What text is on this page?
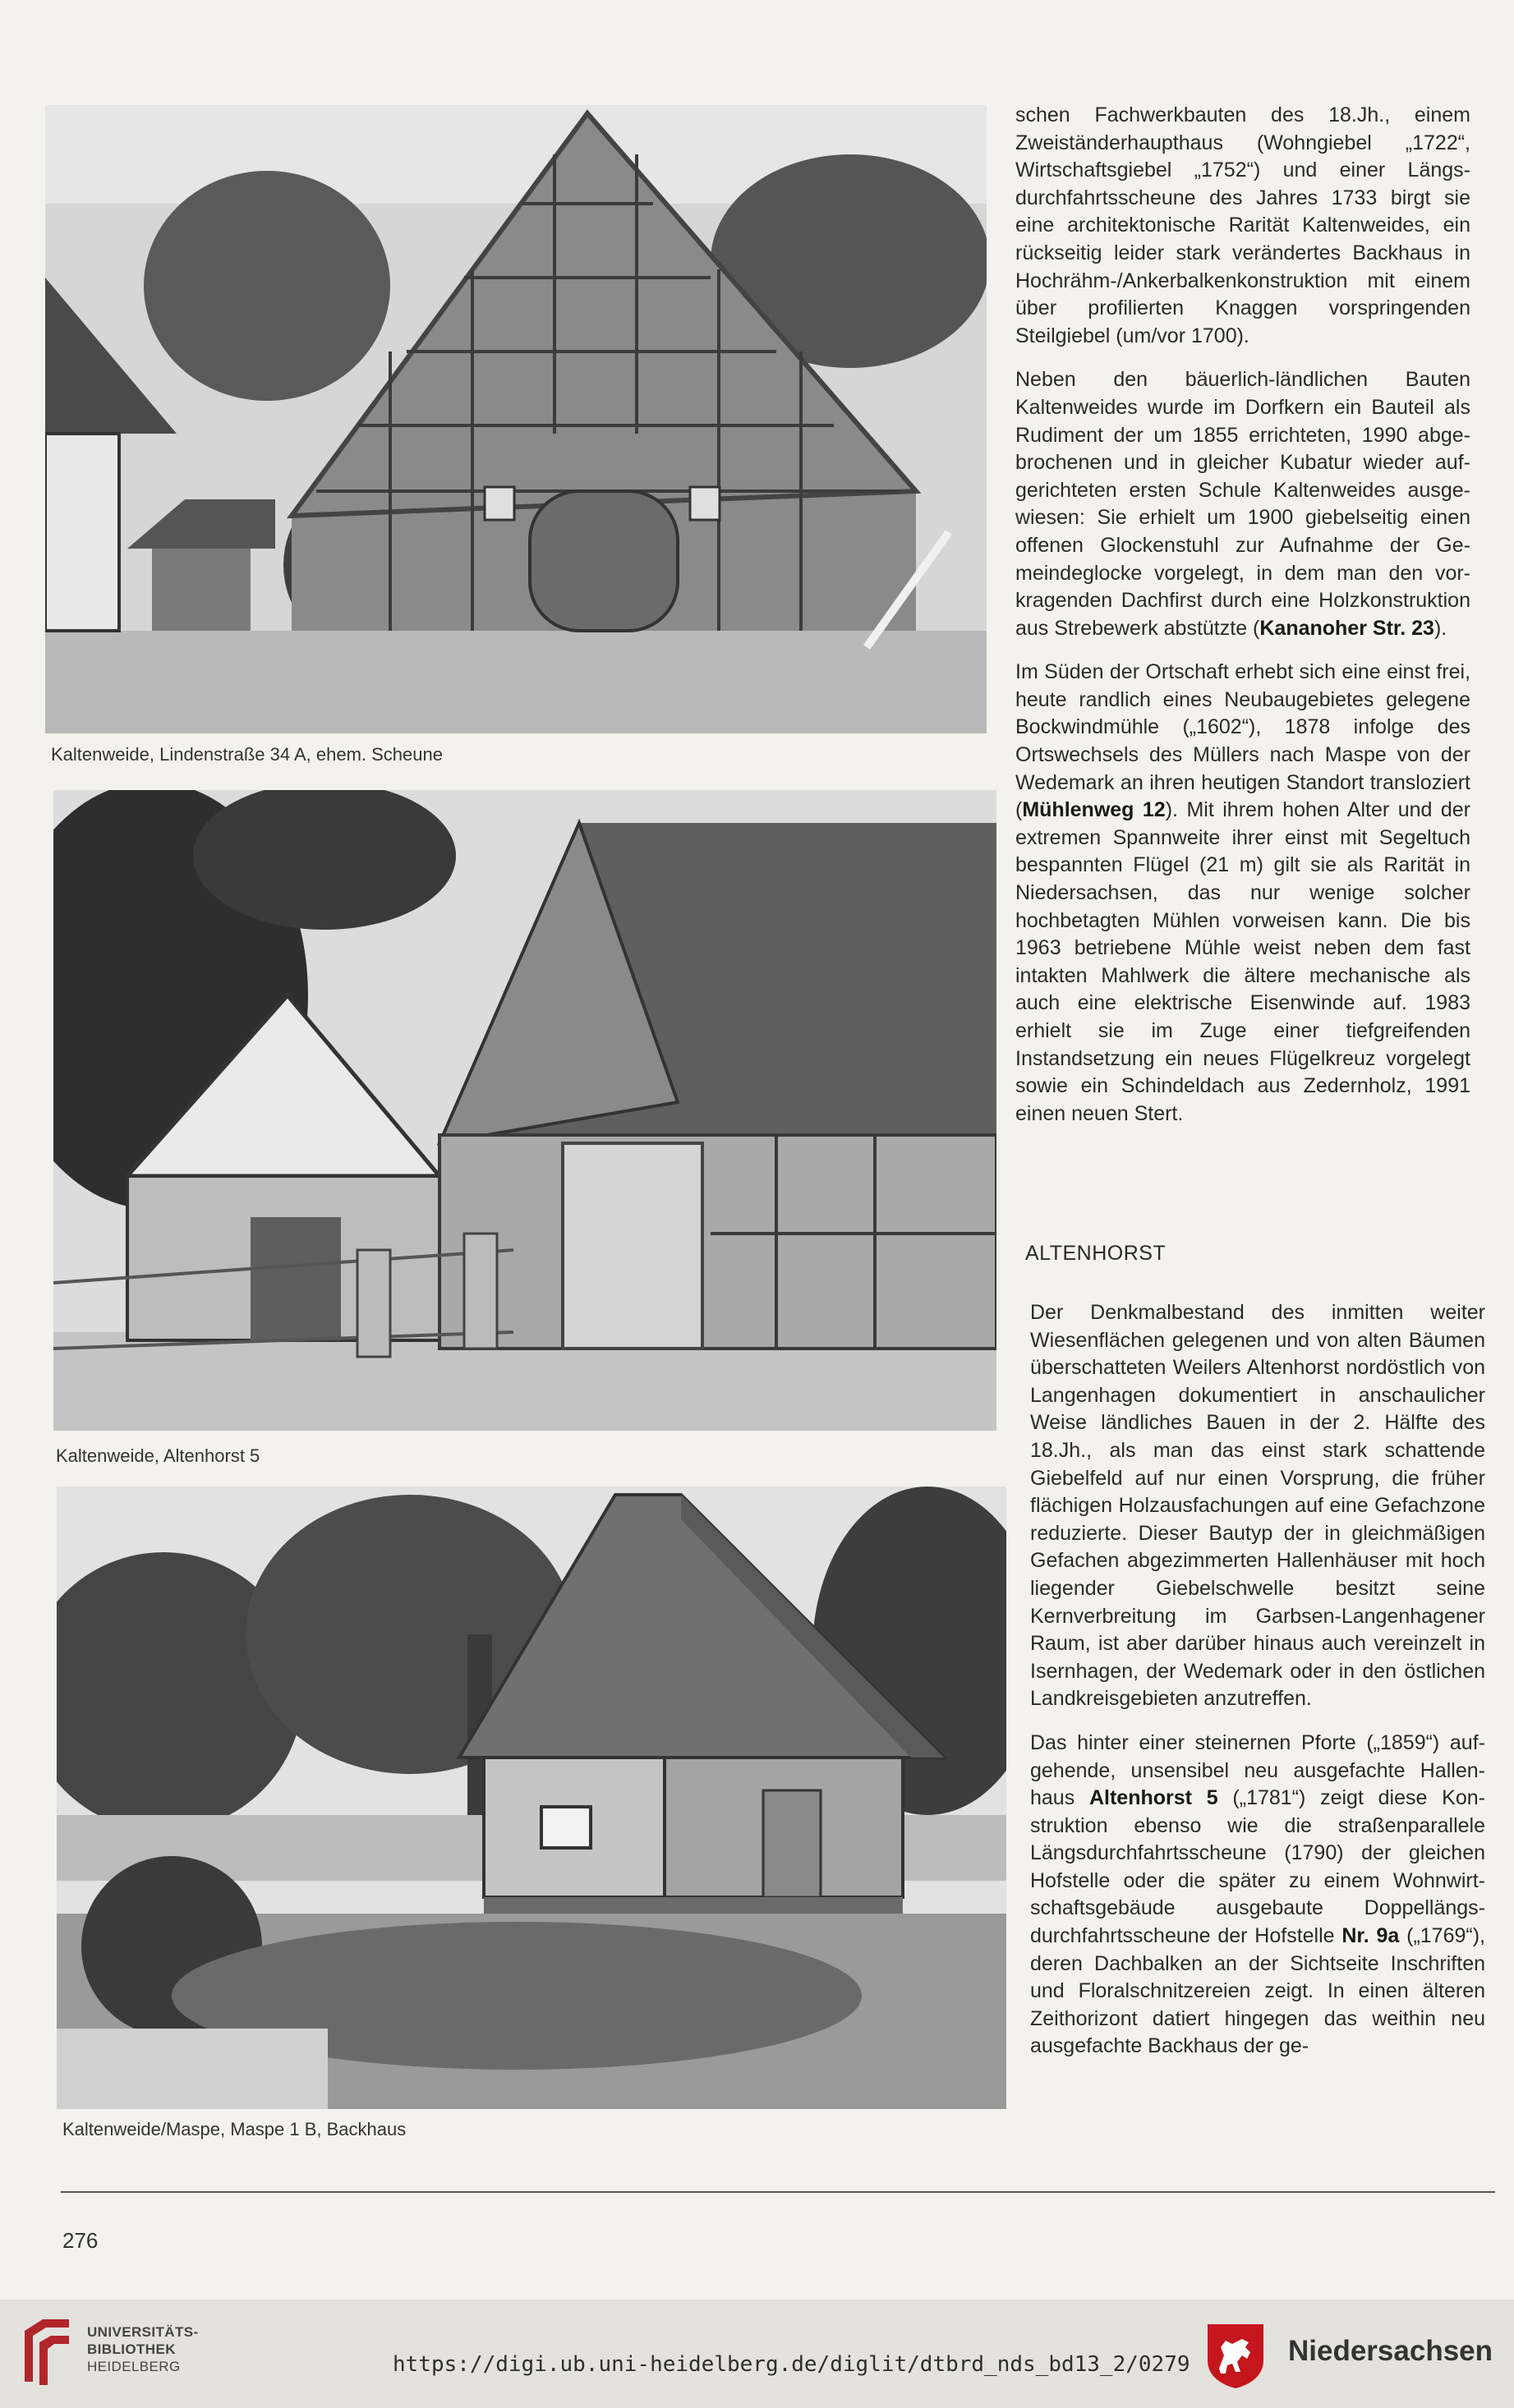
Kaltenweide, Lindenstraße 34 A, ehem. Scheune
Kaltenweide, Altenhorst 5
Kaltenweide/Maspe, Maspe 1 B, Backhaus

schen Fachwerkbauten des 18.Jh., einem Zweiständerhaupthaus (Wohngiebel „1722“, Wirtschaftsgiebel „1752“) und einer Längsdurchfahrtsscheune des Jahres 1733 birgt sie eine architektonische Rarität Kaltenweides, ein rückseitig leider stark verändertes Backhaus in Hochrähm-/Ankerbalkenkonstruktion mit einem über profilierten Knaggen vorspringenden Steilgiebel (um/vor 1700).

Neben den bäuerlich-ländlichen Bauten Kaltenweides wurde im Dorfkern ein Bauteil als Rudiment der um 1855 errichteten, 1990 abgebrochenen und in gleicher Kubatur wieder aufgerichteten ersten Schule Kaltenweides ausgewiesen: Sie erhielt um 1900 giebelseitig einen offenen Glockenstuhl zur Aufnahme der Gemeindeglocke vorgelegt, in dem man den vorkragenden Dachfirst durch eine Holzkonstruktion aus Strebewerk abstützte (Kananoher Str. 23).

Im Süden der Ortschaft erhebt sich eine einst frei, heute randlich eines Neubaugebietes gelegene Bockwindmühle („1602“), 1878 infolge des Ortswechsels des Müllers nach Maspe von der Wedemark an ihren heutigen Standort transloziert (Mühlenweg 12). Mit ihrem hohen Alter und der extremen Spannweite ihrer einst mit Segeltuch bespannten Flügel (21 m) gilt sie als Rarität in Niedersachsen, das nur wenige solcher hochbetagten Mühlen vorweisen kann. Die bis 1963 betriebene Mühle weist neben dem fast intakten Mahlwerk die ältere mechanische als auch eine elektrische Eisenwinde auf. 1983 erhielt sie im Zuge einer tiefgreifenden Instandsetzung ein neues Flügelkreuz vorgelegt sowie ein Schindeldach aus Zedernholz, 1991 einen neuen Stert.

ALTENHORST

Der Denkmalbestand des inmitten weiter Wiesenflächen gelegenen und von alten Bäumen überschatteten Weilers Altenhorst nordöstlich von Langenhagen dokumentiert in anschaulicher Weise ländliches Bauen in der 2. Hälfte des 18.Jh., als man das einst stark schattende Giebelfeld auf nur einen Vorsprung, die früher flächigen Holzausfachungen auf eine Gefachzone reduzierte. Dieser Bautyp der in gleichmäßigen Gefachen abgezimmerten Hallenhäuser mit hoch liegender Giebelschwelle besitzt seine Kernverbreitung im Garbsen-Langenhagener Raum, ist aber darüber hinaus auch vereinzelt in Isernhagen, der Wedemark oder in den östlichen Landkreisgebieten anzutreffen.

Das hinter einer steinernen Pforte („1859“) aufgehende, unsensibel neu ausgefachte Hallenhaus Altenhorst 5 („1781“) zeigt diese Konstruktion ebenso wie die straßenparallele Längsdurchfahrtsscheune (1790) der gleichen Hofstelle oder die später zu einem Wohnwirtschaftsgebäude ausgebaute Doppellängsdurchfahrtsscheune der Hofstelle Nr. 9a („1769“), deren Dachbalken an der Sichtseite Inschriften und Floralschnitzereien zeigt. In einen älteren Zeithorizont datiert hingegen das weithin neu ausgefachte Backhaus der ge-

276
UNIVERSITÄTS-
BIBLIOTHEK
HEIDELBERG	https://digi.ub.uni-heidelberg.de/diglit/dtbrd_nds_bd13_2/0279	Niedersachsen
